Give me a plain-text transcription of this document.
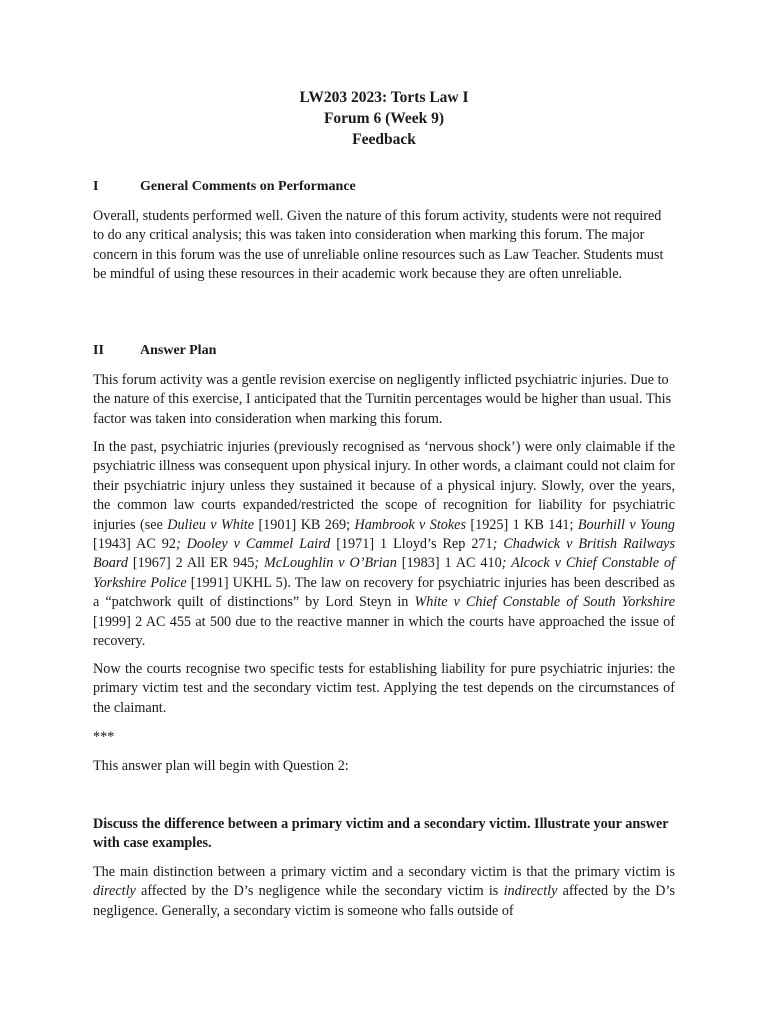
LW203 2023: Torts Law I
Forum 6 (Week 9)
Feedback
I	General Comments on Performance

Overall, students performed well. Given the nature of this forum activity, students were not required to do any critical analysis; this was taken into consideration when marking this forum. The major concern in this forum was the use of unreliable online resources such as Law Teacher. Students must be mindful of using these resources in their academic work because they are often unreliable.

II	Answer Plan

This forum activity was a gentle revision exercise on negligently inflicted psychiatric injuries. Due to the nature of this exercise, I anticipated that the Turnitin percentages would be higher than usual. This factor was taken into consideration when marking this forum.

In the past, psychiatric injuries (previously recognised as ‘nervous shock’) were only claimable if the psychiatric illness was consequent upon physical injury. In other words, a claimant could not claim for their psychiatric injury unless they sustained it because of a physical injury. Slowly, over the years, the common law courts expanded/restricted the scope of recognition for liability for psychiatric injuries (see Dulieu v White [1901] KB 269; Hambrook v Stokes [1925] 1 KB 141; Bourhill v Young [1943] AC 92; Dooley v Cammel Laird [1971] 1 Lloyd’s Rep 271; Chadwick v British Railways Board [1967] 2 All ER 945; McLoughlin v O’Brian [1983] 1 AC 410; Alcock v Chief Constable of Yorkshire Police [1991] UKHL 5). The law on recovery for psychiatric injuries has been described as a “patchwork quilt of distinctions” by Lord Steyn in White v Chief Constable of South Yorkshire [1999] 2 AC 455 at 500 due to the reactive manner in which the courts have approached the issue of recovery.

Now the courts recognise two specific tests for establishing liability for pure psychiatric injuries: the primary victim test and the secondary victim test. Applying the test depends on the circumstances of the claimant.

***

This answer plan will begin with Question 2:

Discuss the difference between a primary victim and a secondary victim. Illustrate your answer with case examples.

The main distinction between a primary victim and a secondary victim is that the primary victim is directly affected by the D’s negligence while the secondary victim is indirectly affected by the D’s negligence. Generally, a secondary victim is someone who falls outside of
